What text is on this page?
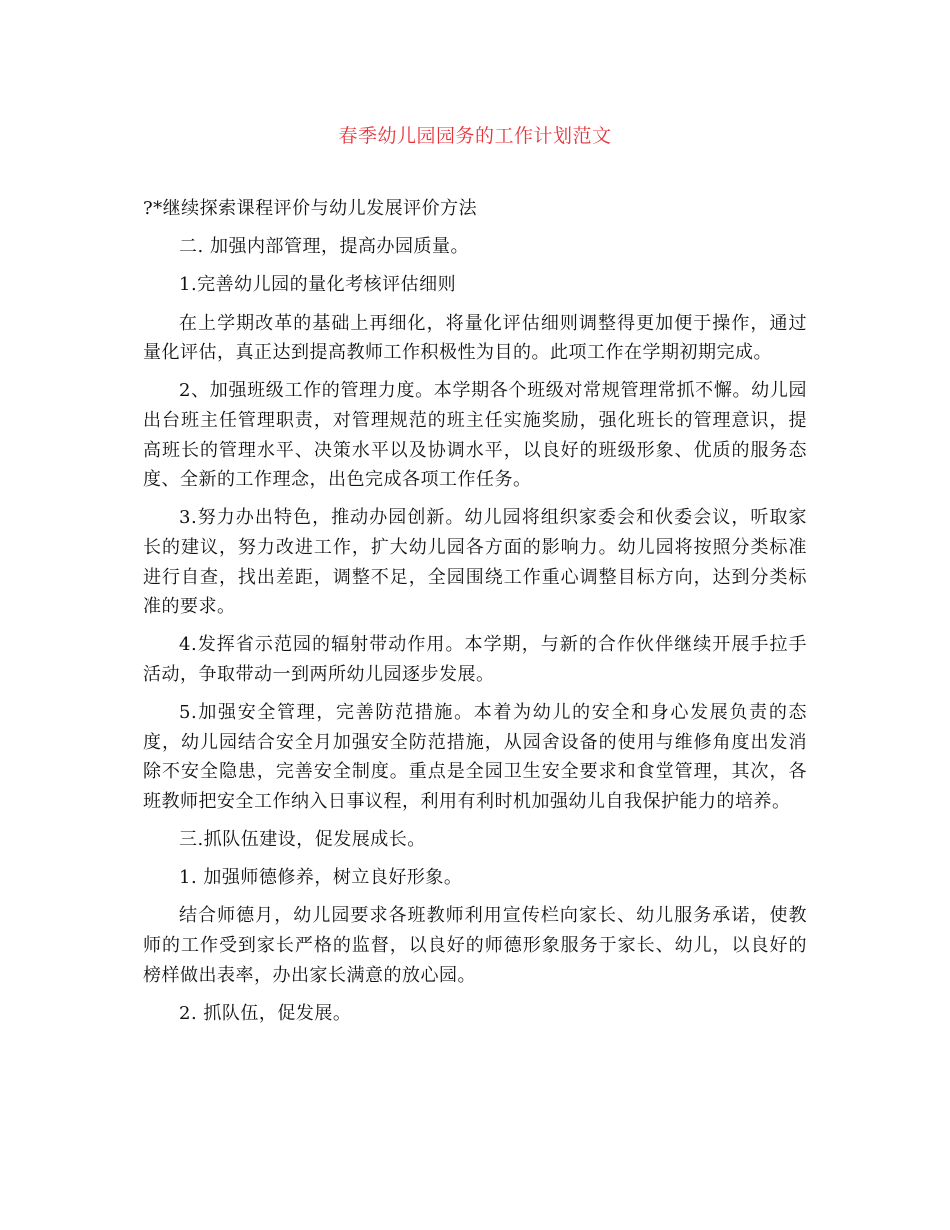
春季幼儿园园务的工作计划范文

?*继续探索课程评价与幼儿发展评价方法

二. 加强内部管理，提高办园质量。

1.完善幼儿园的量化考核评估细则

在上学期改革的基础上再细化，将量化评估细则调整得更加便于操作，通过量化评估，真正达到提高教师工作积极性为目的。此项工作在学期初期完成。

2、加强班级工作的管理力度。本学期各个班级对常规管理常抓不懈。幼儿园出台班主任管理职责，对管理规范的班主任实施奖励，强化班长的管理意识，提高班长的管理水平、决策水平以及协调水平，以良好的班级形象、优质的服务态度、全新的工作理念，出色完成各项工作任务。

3.努力办出特色，推动办园创新。幼儿园将组织家委会和伙委会议，听取家长的建议，努力改进工作，扩大幼儿园各方面的影响力。幼儿园将按照分类标准进行自查，找出差距，调整不足，全园围绕工作重心调整目标方向，达到分类标准的要求。

4.发挥省示范园的辐射带动作用。本学期，与新的合作伙伴继续开展手拉手活动，争取带动一到两所幼儿园逐步发展。

5.加强安全管理，完善防范措施。本着为幼儿的安全和身心发展负责的态度，幼儿园结合安全月加强安全防范措施，从园舍设备的使用与维修角度出发消除不安全隐患，完善安全制度。重点是全园卫生安全要求和食堂管理，其次，各班教师把安全工作纳入日事议程，利用有利时机加强幼儿自我保护能力的培养。

三.抓队伍建设，促发展成长。

1. 加强师德修养，树立良好形象。

结合师德月，幼儿园要求各班教师利用宣传栏向家长、幼儿服务承诺，使教师的工作受到家长严格的监督，以良好的师德形象服务于家长、幼儿，以良好的榜样做出表率，办出家长满意的放心园。

2. 抓队伍，促发展。
